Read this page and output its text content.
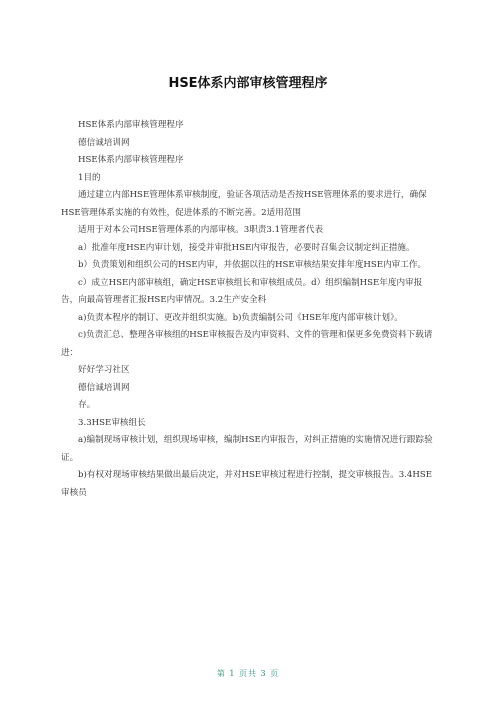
HSE体系内部审核管理程序

HSE体系内部审核管理程序

德信诚培训网

HSE体系内部审核管理程序

1目的

通过建立内部HSE管理体系审核制度，验证各项活动是否按HSE管理体系的要求进行，确保HSE管理体系实施的有效性，促进体系的不断完善。2适用范围

适用于对本公司HSE管理体系的内部审核。3职责3.1管理者代表

a）批准年度HSE内审计划，接受并审批HSE内审报告，必要时召集会议制定纠正措施。

b）负责策划和组织公司的HSE内审，并依据以往的HSE审核结果安排年度HSE内审工作。

c）成立HSE内部审核组，确定HSE审核组长和审核组成员。d）组织编制HSE年度内审报告，向最高管理者汇报HSE内审情况。3.2生产安全科

a)负责本程序的制订、更改并组织实施。b)负责编制公司《HSE年度内部审核计划》。

c)负责汇总、整理各审核组的HSE审核报告及内审资料、文件的管理和保更多免费资料下载请进：

好好学习社区

德信诚培训网

存。

3.3HSE审核组长

a)编制现场审核计划，组织现场审核，编制HSE内审报告，对纠正措施的实施情况进行跟踪验证。

b)有权对现场审核结果做出最后决定，并对HSE审核过程进行控制，提交审核报告。3.4HSE审核员

第 1 页共 3 页
